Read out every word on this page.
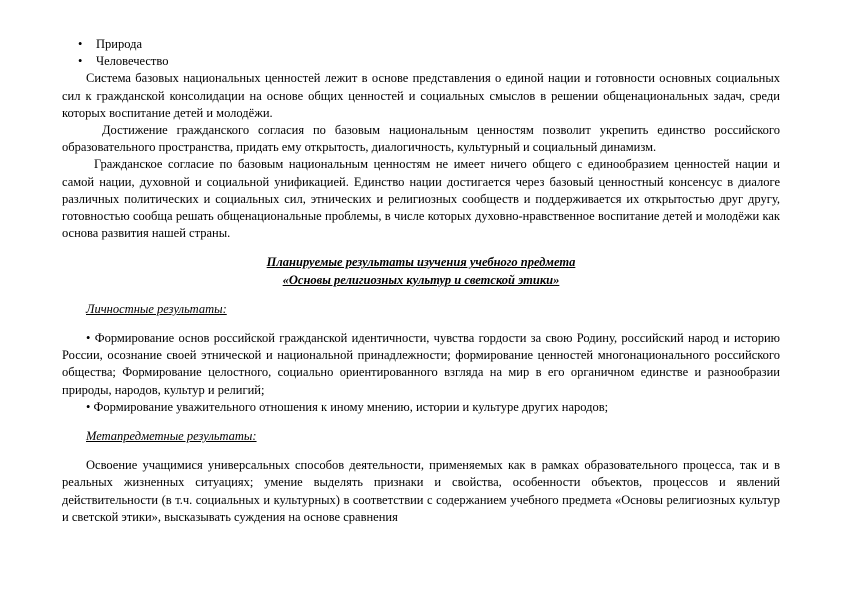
• Природа
• Человечество

Система базовых национальных ценностей лежит в основе представления о единой нации и готовности основных социальных сил к гражданской консолидации на основе общих ценностей и социальных смыслов в решении общенациональных задач, среди которых воспитание детей и молодёжи.

Достижение гражданского согласия по базовым национальным ценностям позволит укрепить единство российского образовательного пространства, придать ему открытость, диалогичность, культурный и социальный динамизм.

Гражданское согласие по базовым национальным ценностям не имеет ничего общего с единообразием ценностей нации и самой нации, духовной и социальной унификацией. Единство нации достигается через базовый ценностный консенсус в диалоге различных политических и социальных сил, этнических и религиозных сообществ и поддерживается их открытостью друг другу, готовностью сообща решать общенациональные проблемы, в числе которых духовно-нравственное воспитание детей и молодёжи как основа развития нашей страны.

Планируемые результаты изучения учебного предмета

«Основы религиозных культур и светской этики»

Личностные результаты:

• Формирование основ российской гражданской идентичности, чувства гордости за свою Родину, российский народ и историю России, осознание своей этнической и национальной принадлежности; формирование ценностей многонационального российского общества; Формирование целостного, социально ориентированного взгляда на мир в его органичном единстве и разнообразии природы, народов, культур и религий;

• Формирование уважительного отношения к иному мнению, истории и культуре других народов;

Метапредметные результаты:

Освоение учащимися универсальных способов деятельности, применяемых как в рамках образовательного процесса, так и в реальных жизненных ситуациях; умение выделять признаки и свойства, особенности объектов, процессов и явлений действительности (в т.ч. социальных и культурных) в соответствии с содержанием учебного предмета «Основы религиозных культур и светской этики», высказывать суждения на основе сравнения
